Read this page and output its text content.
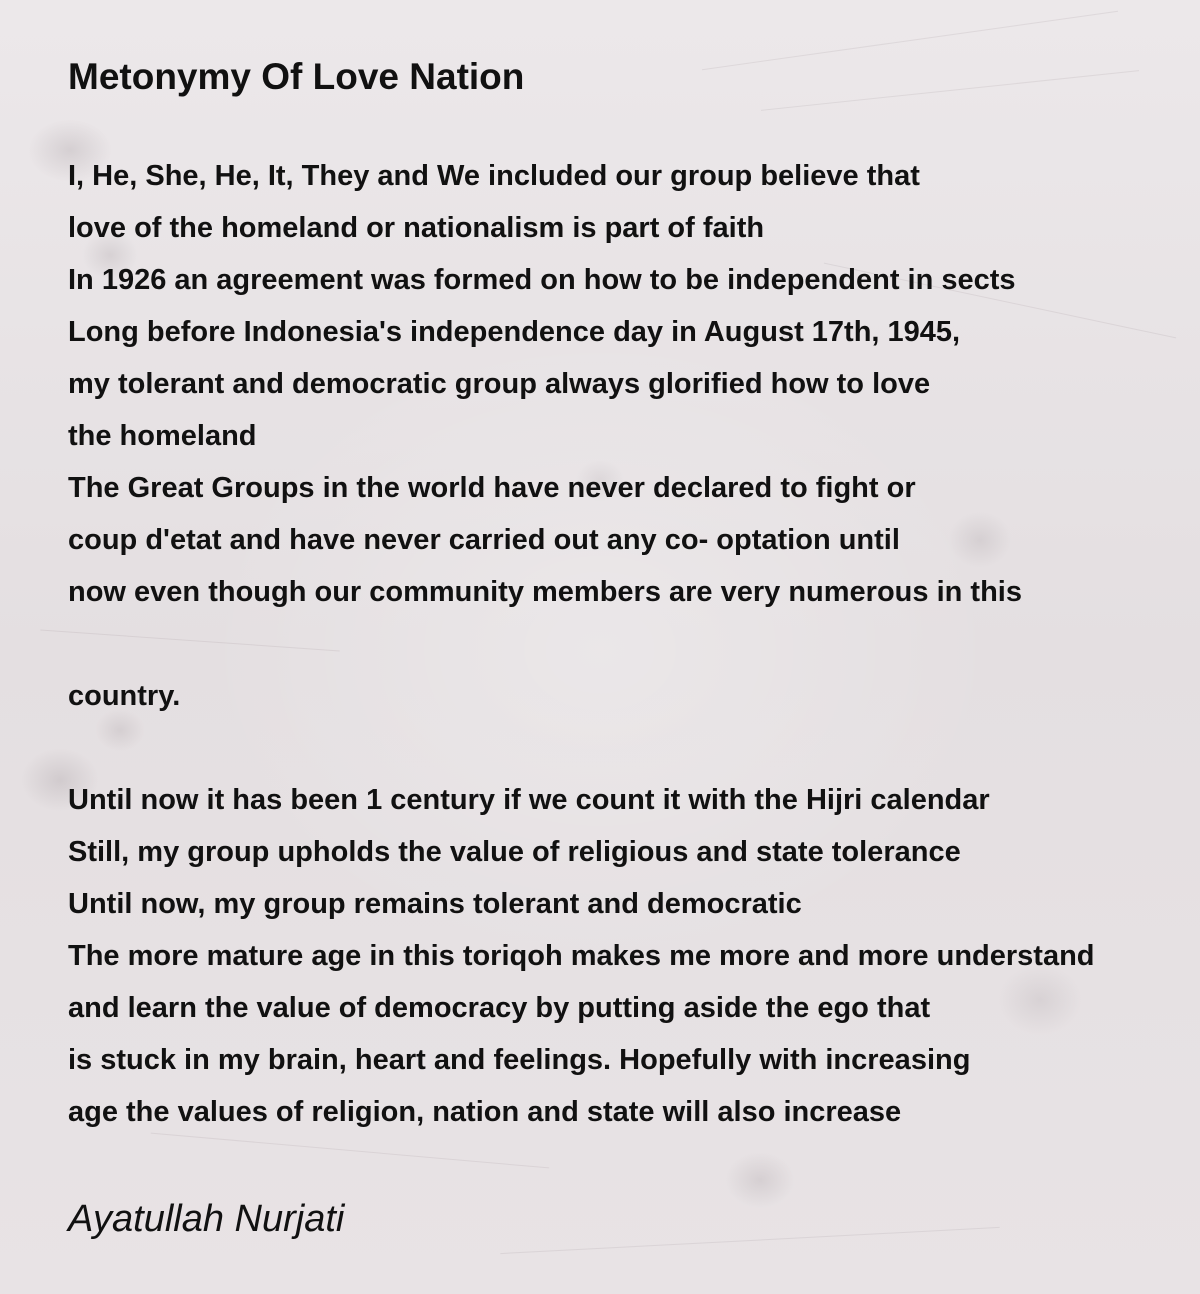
Metonymy Of Love Nation
I, He, She, He, It, They and We included our group believe that
love of the homeland or nationalism is part of faith
In 1926 an agreement was formed on how to be independent in sects
Long before Indonesia's independence day in August 17th, 1945,
my tolerant and democratic group always glorified how to love
the homeland
The Great Groups in the world have never declared to fight or
coup d'etat and have never carried out any co- optation until
now even though our community members are very numerous in this
country.
Until now it has been 1 century if we count it with the Hijri calendar
Still, my group upholds the value of religious and state tolerance
Until now, my group remains tolerant and democratic
The more mature age in this toriqoh makes me more and more understand
and learn the value of democracy by putting aside the ego that
is stuck in my brain, heart and feelings. Hopefully with increasing
age the values of religion, nation and state will also increase

Ayatullah Nurjati
